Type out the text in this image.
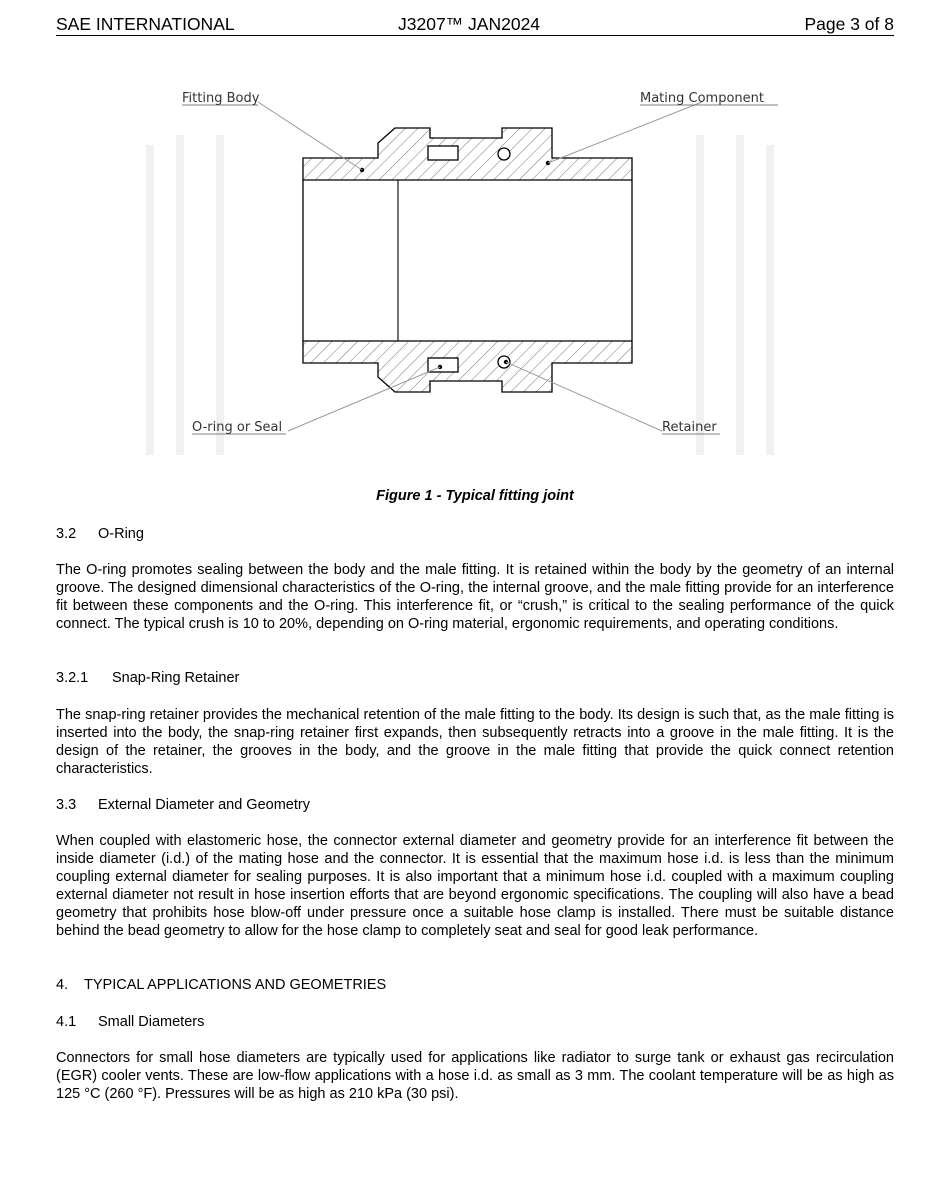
SAE INTERNATIONAL	J3207™ JAN2024	Page 3 of 8
Fitting Body	Mating Component
O-ring or Seal	Retainer
Figure 1 - Typical fitting joint
3.2 O-Ring
The O-ring promotes sealing between the body and the male fitting. It is retained within the body by the geometry of an internal groove. The designed dimensional characteristics of the O-ring, the internal groove, and the male fitting provide for an interference fit between these components and the O-ring. This interference fit, or “crush,” is critical to the sealing performance of the quick connect. The typical crush is 10 to 20%, depending on O-ring material, ergonomic requirements, and operating conditions.
3.2.1 Snap-Ring Retainer
The snap-ring retainer provides the mechanical retention of the male fitting to the body. Its design is such that, as the male fitting is inserted into the body, the snap-ring retainer first expands, then subsequently retracts into a groove in the male fitting. It is the design of the retainer, the grooves in the body, and the groove in the male fitting that provide the quick connect retention characteristics.
3.3 External Diameter and Geometry
When coupled with elastomeric hose, the connector external diameter and geometry provide for an interference fit between the inside diameter (i.d.) of the mating hose and the connector. It is essential that the maximum hose i.d. is less than the minimum coupling external diameter for sealing purposes. It is also important that a minimum hose i.d. coupled with a maximum coupling external diameter not result in hose insertion efforts that are beyond ergonomic specifications. The coupling will also have a bead geometry that prohibits hose blow-off under pressure once a suitable hose clamp is installed. There must be suitable distance behind the bead geometry to allow for the hose clamp to completely seat and seal for good leak performance.
4. TYPICAL APPLICATIONS AND GEOMETRIES
4.1 Small Diameters
Connectors for small hose diameters are typically used for applications like radiator to surge tank or exhaust gas recirculation (EGR) cooler vents. These are low-flow applications with a hose i.d. as small as 3 mm. The coolant temperature will be as high as 125 °C (260 °F). Pressures will be as high as 210 kPa (30 psi).
